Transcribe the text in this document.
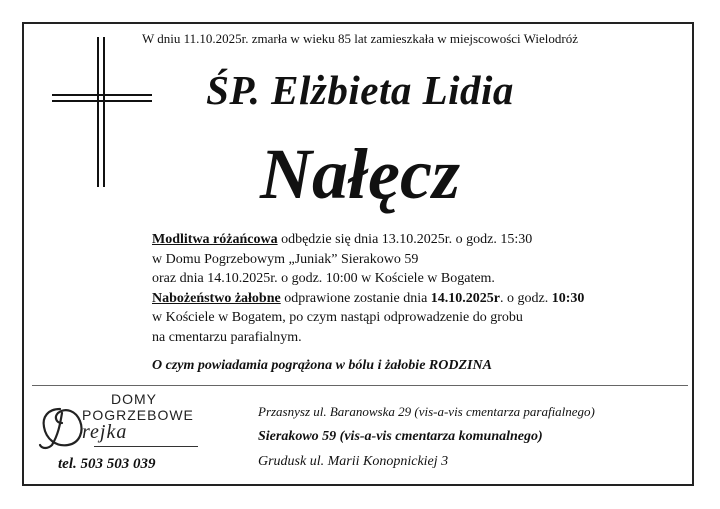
W dniu 11.10.2025r. zmarła w wieku 85 lat zamieszkała w miejscowości Wielodróż
ŚP. Elżbieta Lidia
Nałęcz
Modlitwa różańcowa odbędzie się dnia 13.10.2025r. o godz. 15:30
w Domu Pogrzebowym „Juniak” Sierakowo 59
oraz dnia 14.10.2025r. o godz. 10:00 w Kościele w Bogatem.
Nabożeństwo żałobne odprawione zostanie dnia 14.10.2025r. o godz. 10:30
w Kościele w Bogatem, po czym nastąpi odprowadzenie do grobu
na cmentarzu parafialnym.
O czym powiadamia pogrążona w bólu i żałobie RODZINA
DOMY
POGRZEBOWE
rejka
tel. 503 503 039
Przasnysz ul. Baranowska 29 (vis-a-vis cmentarza parafialnego)
Sierakowo 59 (vis-a-vis cmentarza komunalnego)
Grudusk ul. Marii Konopnickiej 3
